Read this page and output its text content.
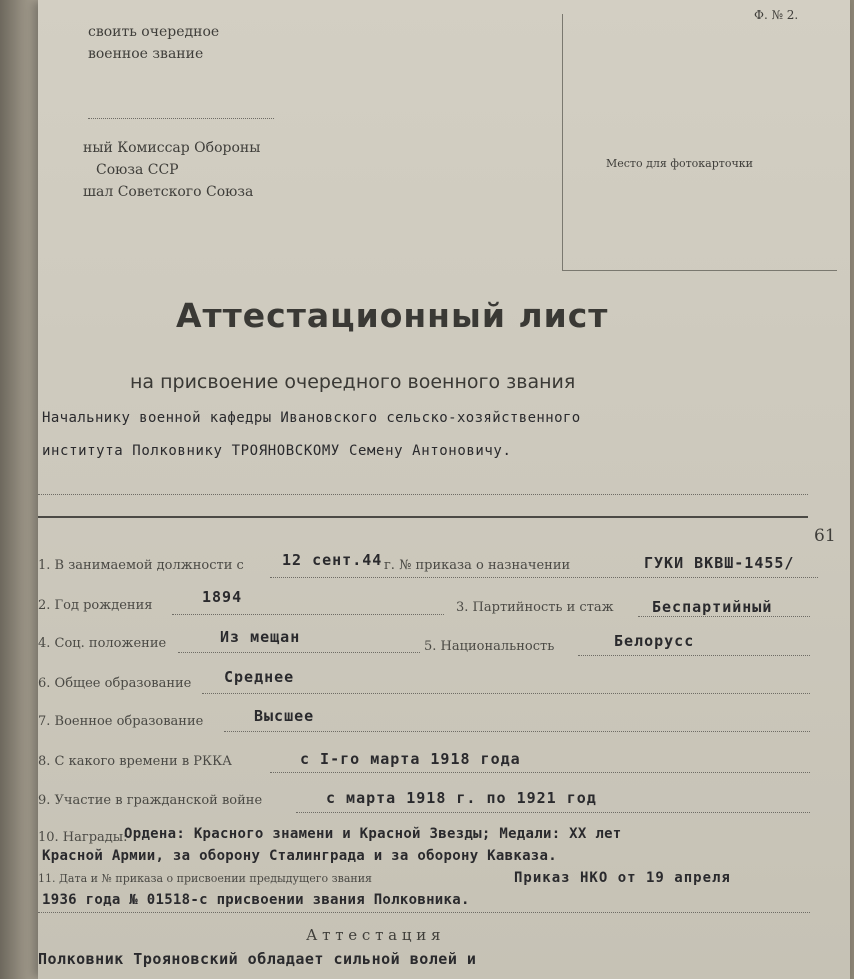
своить очередное
военное звание
ный Комиссар Обороны
Союза ССР
шал Советского Союза
Ф. № 2.
Место для фотокарточки
Аттестационный лист
на присвоение очередного военного звания
Начальнику военной кафедры Ивановского сельско-хозяйственного
института Полковнику ТРОЯНОВСКОМУ Семену Антоновичу.
61
1. В занимаемой должности с	12 сент.44 г. № приказа о назначении	ГУКИ ВКВШ-1455/
2. Год рождения	1894
3. Партийность и стаж	Беспартийный
4. Соц. положение	Из мещан
5. Национальность	Белорусс
6. Общее образование Среднее
7. Военное образование	Высшее
8. С какого времени в РККА	с I-го марта 1918 года
9. Участие в гражданской войне	с марта 1918 г. по 1921 год
10. Награды:
Ордена: Красного знамени и Красной Звезды; Медали: XX лет
Красной Армии, за оборону Сталинграда и за оборону Кавказа.
11. Дата и № приказа о присвоении предыдущего звания	Приказ НКО от 19 апреля
1936 года № 01518-с присвоении звания Полковника.
А т т е с т а ц и я
Полковник Трояновский обладает сильной волей и
